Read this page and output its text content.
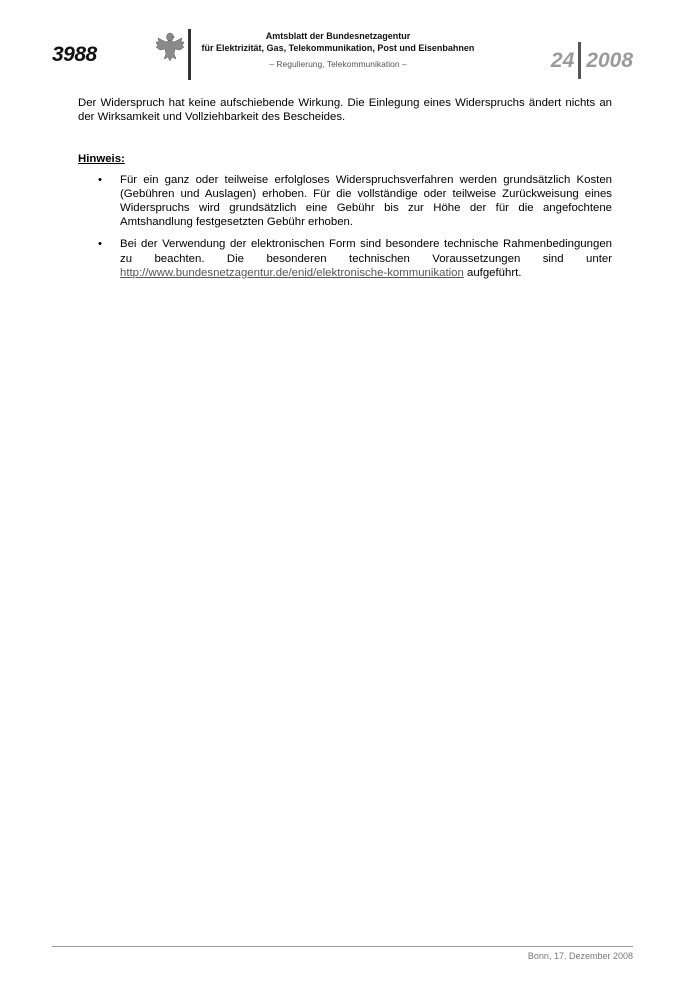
3988
Amtsblatt der Bundesnetzagentur
für Elektrizität, Gas, Telekommunikation, Post und Eisenbahnen
– Regulierung, Telekommunikation –	24 2008

Der Widerspruch hat keine aufschiebende Wirkung. Die Einlegung eines Widerspruchs ändert nichts an der Wirksamkeit und Vollziehbarkeit des Bescheides.

Hinweis:
• Für ein ganz oder teilweise erfolgloses Widerspruchsverfahren werden grundsätzlich Kosten (Gebühren und Auslagen) erhoben. Für die vollständige oder teilweise Zurückweisung eines Widerspruchs wird grundsätzlich eine Gebühr bis zur Höhe der für die angefochtene Amtshandlung festgesetzten Gebühr erhoben.
• Bei der Verwendung der elektronischen Form sind besondere technische Rahmenbedingungen zu beachten. Die besonderen technischen Voraussetzungen sind unter http://www.bundesnetzagentur.de/enid/elektronische-kommunikation aufgeführt.
Bonn, 17. Dezember 2008
